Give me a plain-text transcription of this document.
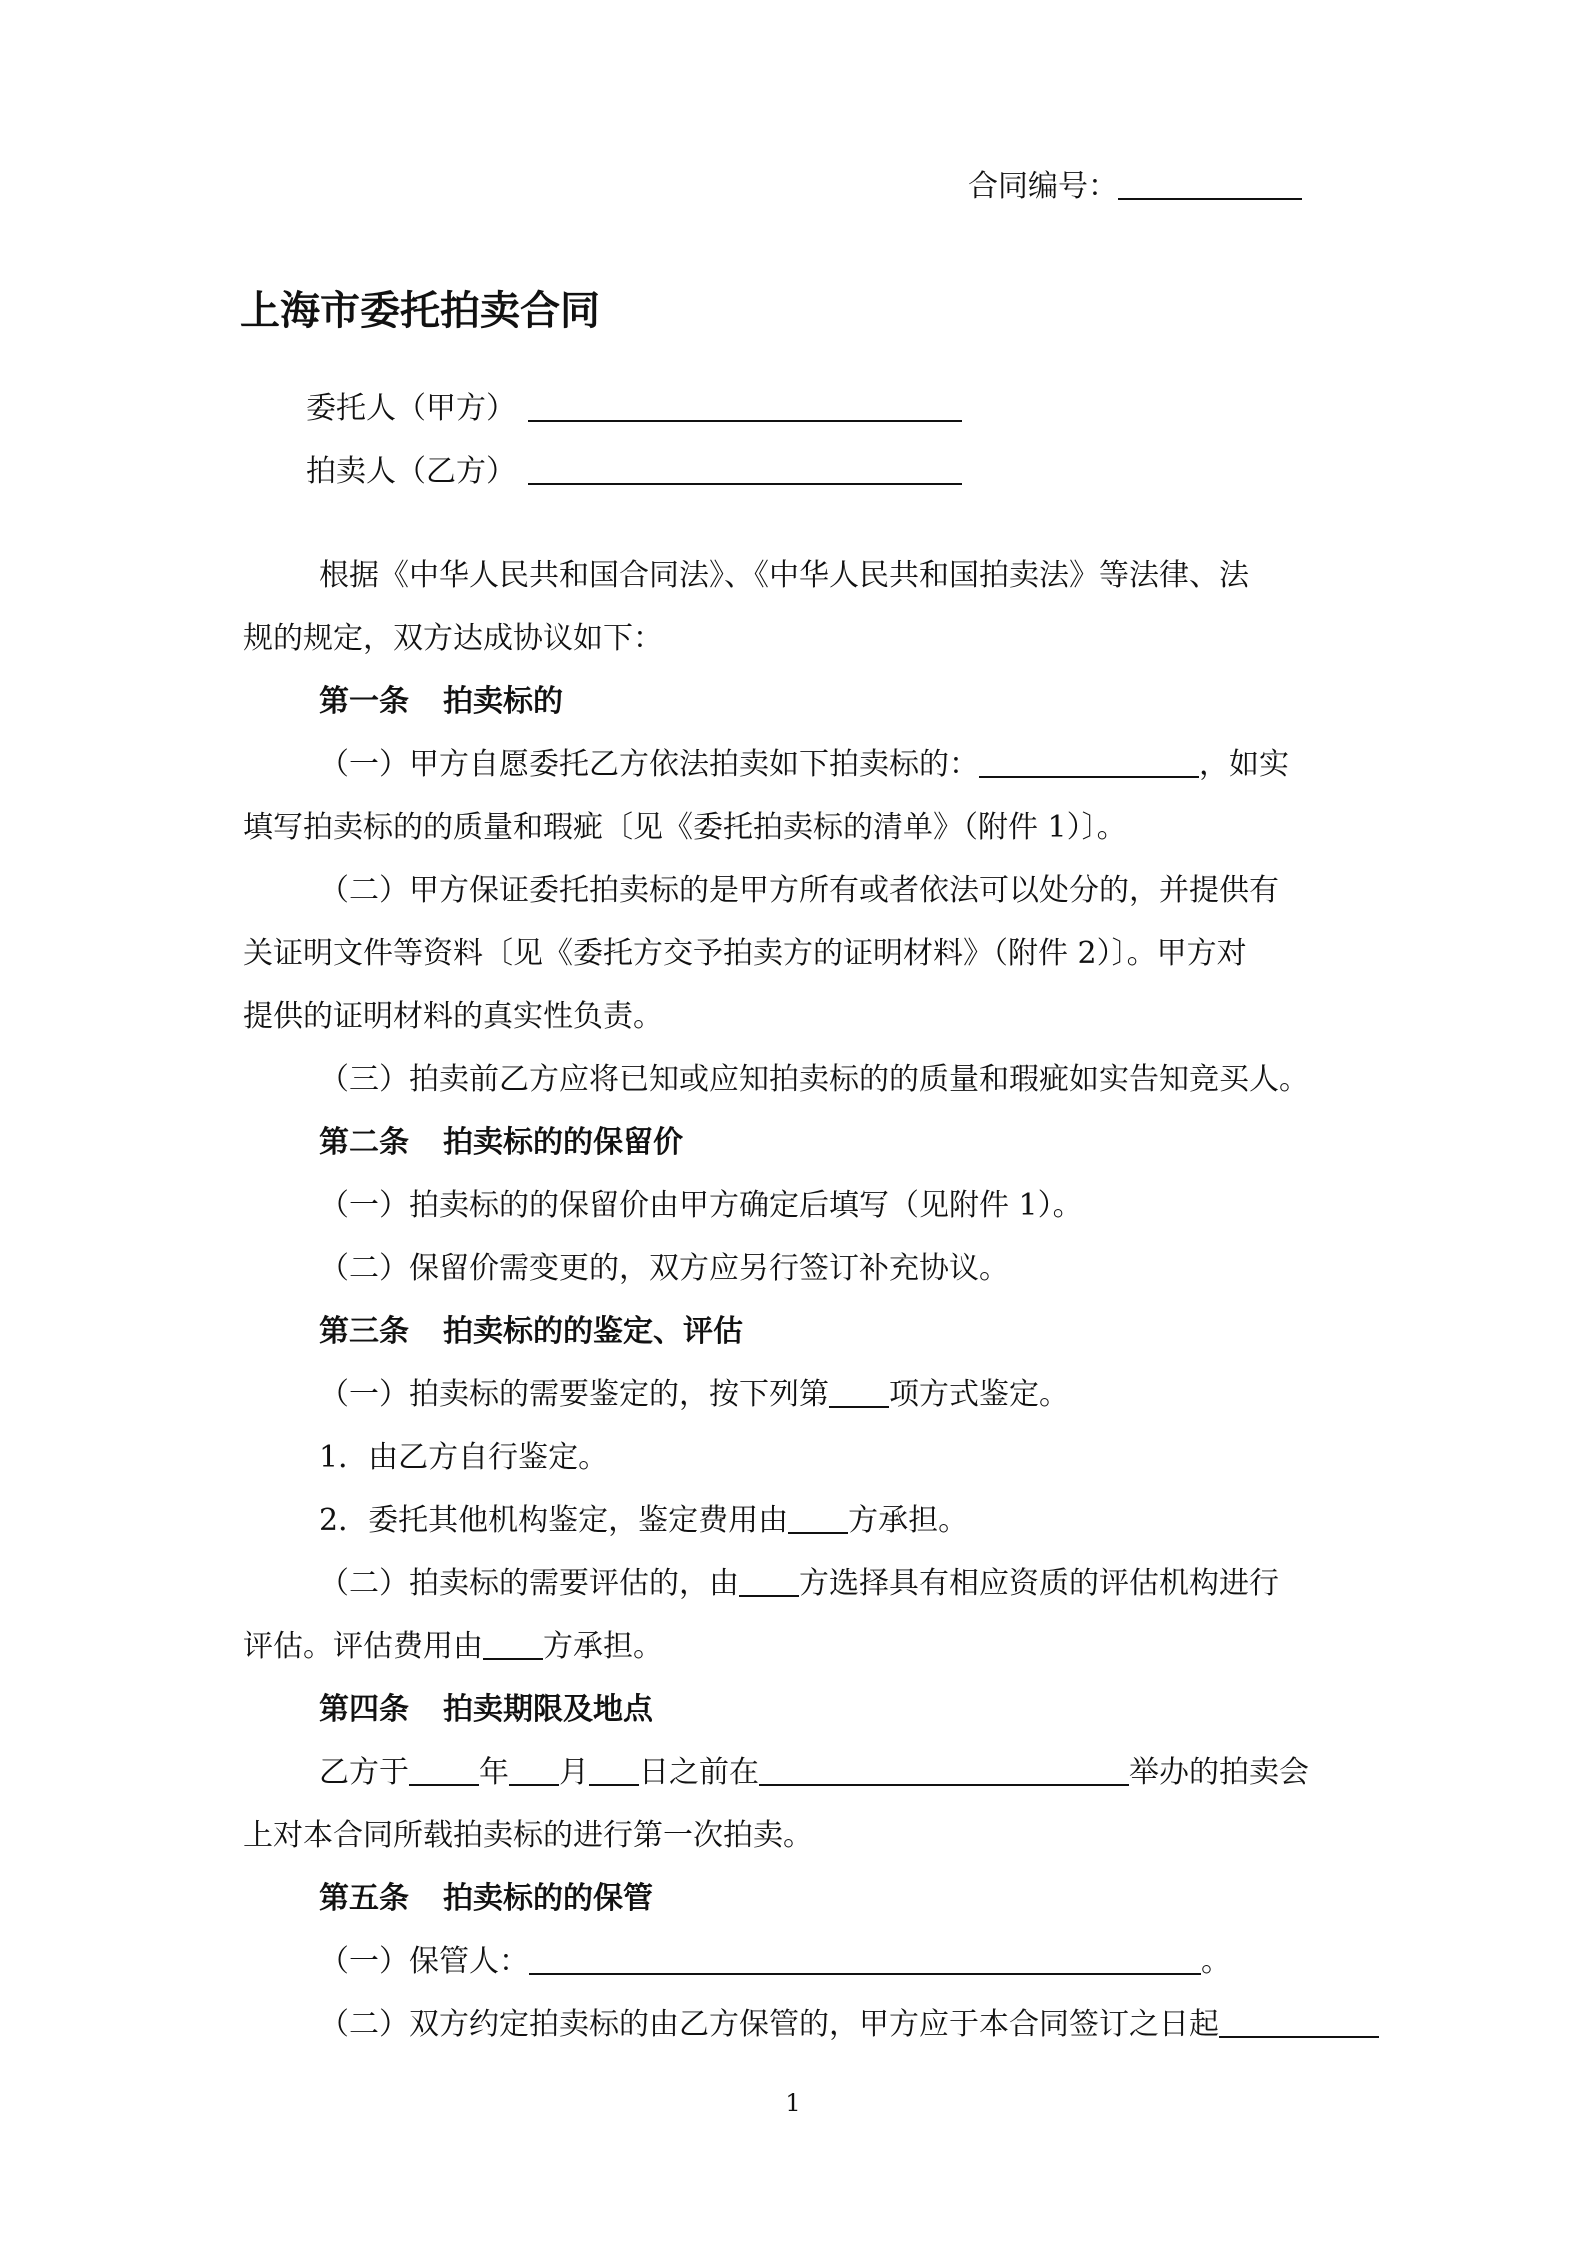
合同编号：
上海市委托拍卖合同
委托人（甲方）
拍卖人（乙方）
根据《中华人民共和国合同法》、《中华人民共和国拍卖法》等法律、法
规的规定，双方达成协议如下：
第一条 拍卖标的
（一）甲方自愿委托乙方依法拍卖如下拍卖标的：	，如实
填写拍卖标的的质量和瑕疵〔见《委托拍卖标的清单》（附件 1）〕。
（二）甲方保证委托拍卖标的是甲方所有或者依法可以处分的，并提供有
关证明文件等资料〔见《委托方交予拍卖方的证明材料》（附件 2）〕。甲方对
提供的证明材料的真实性负责。
（三）拍卖前乙方应将已知或应知拍卖标的的质量和瑕疵如实告知竞买人。
第二条 拍卖标的的保留价
（一）拍卖标的的保留价由甲方确定后填写（见附件 1）。
（二）保留价需变更的，双方应另行签订补充协议。
第三条 拍卖标的的鉴定、评估
（一）拍卖标的需要鉴定的，按下列第 项方式鉴定。
1．由乙方自行鉴定。
2．委托其他机构鉴定，鉴定费用由 方承担。
（二）拍卖标的需要评估的，由 方选择具有相应资质的评估机构进行
评估。评估费用由 方承担。
第四条 拍卖期限及地点
乙方于 年 月 日之前在	举办的拍卖会
上对本合同所载拍卖标的进行第一次拍卖。
第五条 拍卖标的的保管
（一）保管人：	。
（二）双方约定拍卖标的由乙方保管的，甲方应于本合同签订之日起
1
